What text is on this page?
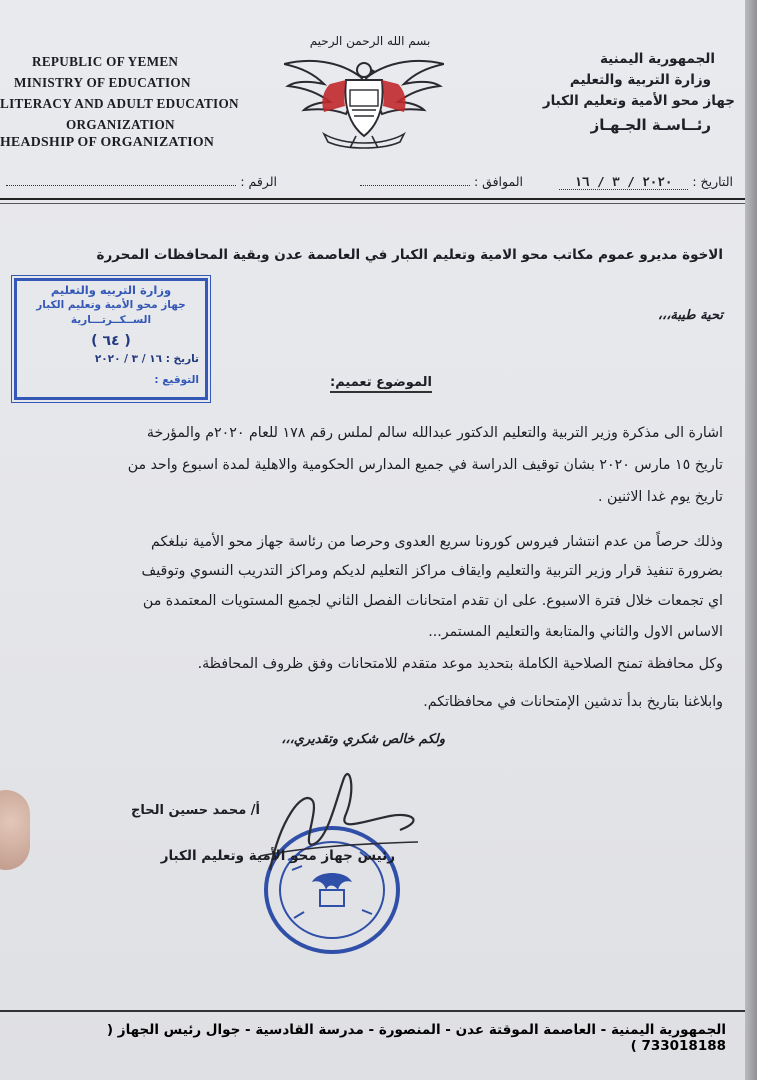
REPUBLIC OF YEMEN
MINISTRY OF EDUCATION
LITERACY AND ADULT EDUCATION
ORGANIZATION
HEADSHIP OF ORGANIZATION
الجمهورية اليمنية
وزارة التربية والتعليم
جهاز محو الأمية وتعليم الكبار
رئــاسـة الجـهـاز
بسم الله الرحمن الرحيم
التاريخ : ٢٠٢٠ / ٣ / ١٦
الموافق :
الرقم :
الاخوة مديرو عموم مكاتب محو الامية وتعليم الكبار في العاصمة عدن وبقية المحافظات المحررة
تحية طيبة،،،
وزارة التربيه والتعليم
جهاز محو الأمية وتعليم الكبار
الســكــرتـــارية
( ٦٤ )
تاريخ : ١٦ / ٣ / ٢٠٢٠
التوقيع :	الموضوع تعميم:
اشارة الى مذكرة وزير التربية والتعليم الدكتور عبدالله سالم لملس رقم ١٧٨ للعام ٢٠٢٠م والمؤرخة
تاريخ ١٥ مارس ٢٠٢٠ بشان توقيف الدراسة في جميع المدارس الحكومية والاهلية لمدة اسبوع واحد من
تاريخ يوم غدا الاثنين .
وذلك حرصاً من عدم انتشار فيروس كورونا سريع العدوى وحرصا من رئاسة جهاز محو الأمية نبلغكم
بضرورة تنفيذ قرار وزير التربية والتعليم وايقاف مراكز التعليم لديكم ومراكز التدريب النسوي وتوقيف
اي تجمعات خلال فترة الاسبوع. على ان تقدم امتحانات الفصل الثاني لجميع المستويات المعتمدة من
الاساس الاول والثاني والمتابعة والتعليم المستمر...
وكل محافظة تمنح الصلاحية الكاملة بتحديد موعد متقدم للامتحانات وفق ظروف المحافظة.
وابلاغنا بتاريخ بدأ تدشين الإمتحانات في محافظاتكم.
ولكم خالص شكري وتقديري،،،
أ/ محمد حسين الحاج
رئيس جهاز محو الأمية وتعليم الكبار
الجمهورية اليمنية - العاصمة الموقتة عدن - المنصورة - مدرسة القادسية - جوال رئيس الجهاز ( 733018188 )
